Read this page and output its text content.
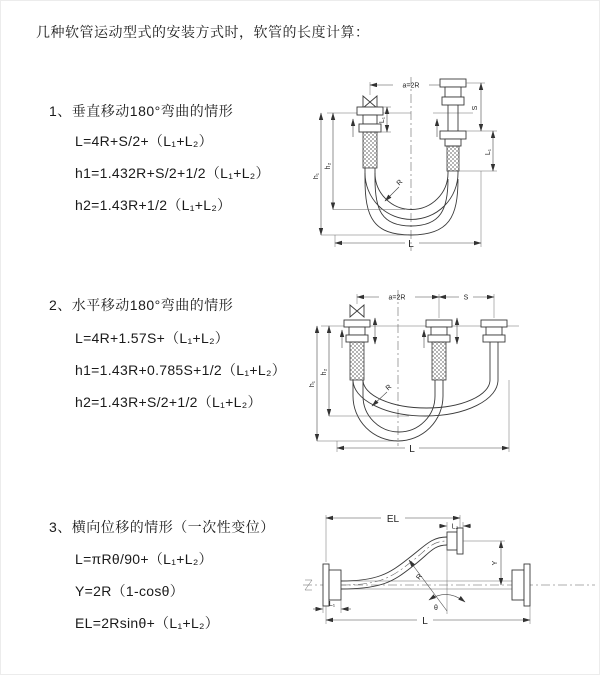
几种软管运动型式的安装方式时，软管的长度计算：
1、垂直移动180°弯曲的情形
L=4R+S/2+（L₁+L₂）
h1=1.432R+S/2+1/2（L₁+L₂）
h2=1.43R+1/2（L₁+L₂）
a=2R
R
h₁
h₂
S
L₁
L₁
L
2、水平移动180°弯曲的情形
L=4R+1.57S+（L₁+L₂）
h1=1.43R+0.785S+1/2（L₁+L₂）
h2=1.43R+S/2+1/2（L₁+L₂）
a=2R	S
R
h₁
h₂
L
3、横向位移的情形（一次性变位）
L=πRθ/90+（L₁+L₂）
Y=2R（1-cosθ）
EL=2Rsinθ+（L₁+L₂）
EL
L₂
Y
R
θ
L₁
L
